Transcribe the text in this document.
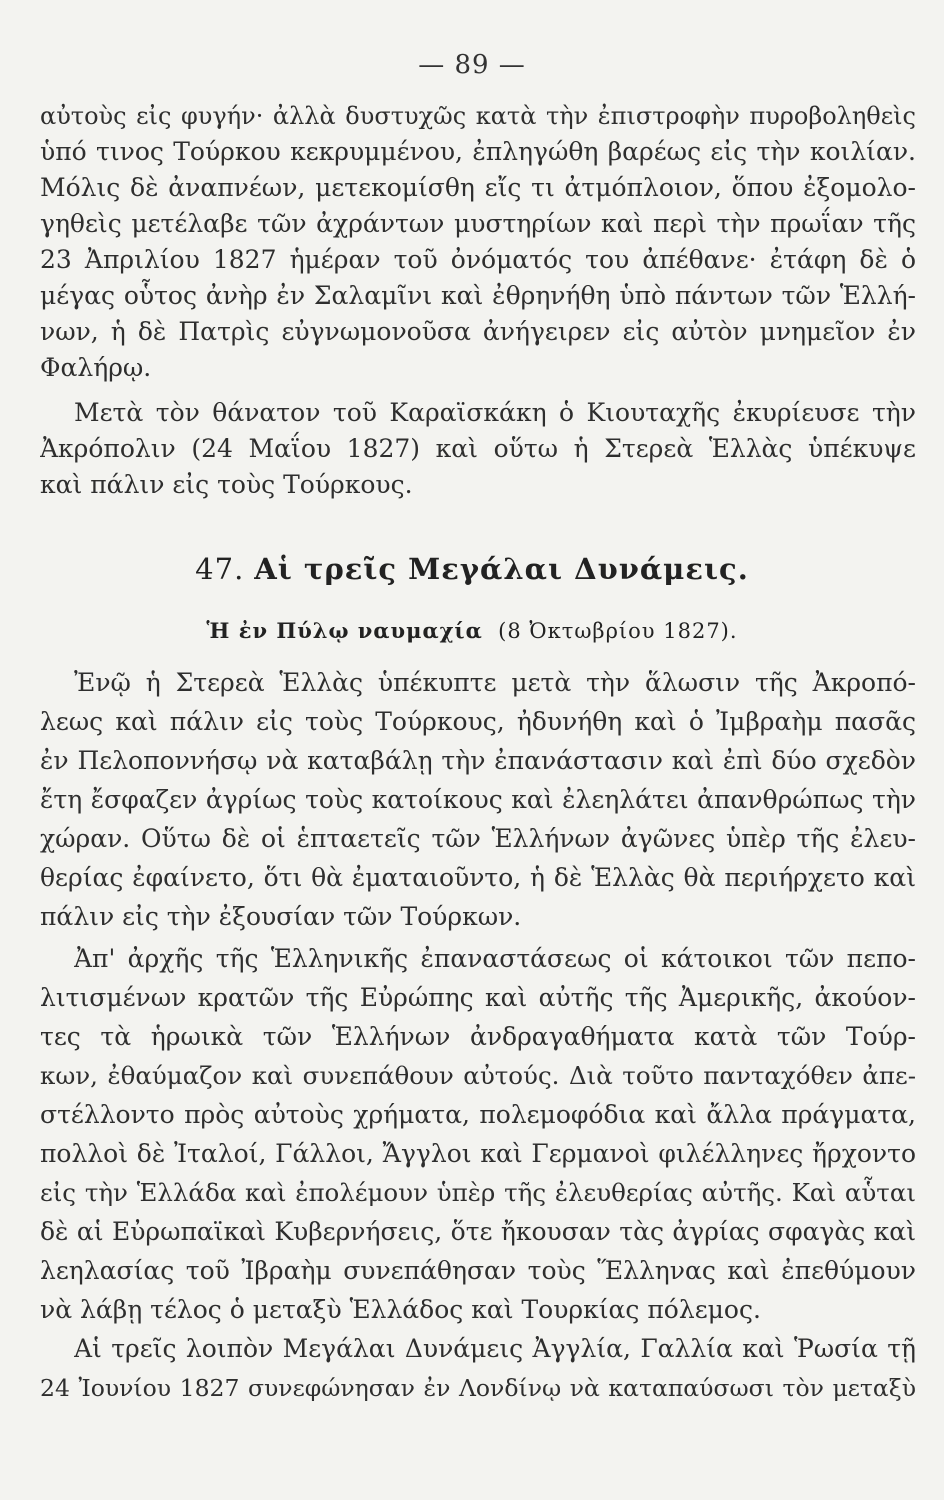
— 89 —
αὐτοὺς εἰς φυγήν· ἀλλὰ δυστυχῶς κατὰ τὴν ἐπιστροφὴν πυροβοληθεὶς
ὑπό τινος Τούρκου κεκρυμμένου, ἐπληγώθη βαρέως εἰς τὴν κοιλίαν.
Μόλις δὲ ἀναπνέων, μετεκομίσθη εἴς τι ἀτμόπλοιον, ὅπου ἐξομολο-
γηθεὶς μετέλαβε τῶν ἀχράντων μυστηρίων καὶ περὶ τὴν πρωΐαν τῆς
23 Ἀπριλίου 1827 ἡμέραν τοῦ ὀνόματός του ἀπέθανε· ἐτάφη δὲ ὁ
μέγας οὗτος ἀνὴρ ἐν Σαλαμῖνι καὶ ἐθρηνήθη ὑπὸ πάντων τῶν Ἑλλή-
νων, ἡ δὲ Πατρὶς εὐγνωμονοῦσα ἀνήγειρεν εἰς αὐτὸν μνημεῖον ἐν
Φαλήρῳ.
Μετὰ τὸν θάνατον τοῦ Καραϊσκάκη ὁ Κιουταχῆς ἐκυρίευσε τὴν
Ἀκρόπολιν (24 Μαΐου 1827) καὶ οὕτω ἡ Στερεὰ Ἑλλὰς ὑπέκυψε
καὶ πάλιν εἰς τοὺς Τούρκους.
47. Αἱ τρεῖς Μεγάλαι Δυνάμεις.
Ἡ ἐν Πύλῳ ναυμαχία (8 Ὀκτωβρίου 1827).
Ἐνῷ ἡ Στερεὰ Ἑλλὰς ὑπέκυπτε μετὰ τὴν ἅλωσιν τῆς Ἀκροπό-
λεως καὶ πάλιν εἰς τοὺς Τούρκους, ἠδυνήθη καὶ ὁ Ἰμβραὴμ πασᾶς
ἐν Πελοποννήσῳ νὰ καταβάλῃ τὴν ἐπανάστασιν καὶ ἐπὶ δύο σχεδὸν
ἔτη ἔσφαζεν ἀγρίως τοὺς κατοίκους καὶ ἐλεηλάτει ἀπανθρώπως τὴν
χώραν. Οὕτω δὲ οἱ ἑπταετεῖς τῶν Ἑλλήνων ἀγῶνες ὑπὲρ τῆς ἐλευ-
θερίας ἐφαίνετο, ὅτι θὰ ἐματαιοῦντο, ἡ δὲ Ἑλλὰς θὰ περιήρχετο καὶ
πάλιν εἰς τὴν ἐξουσίαν τῶν Τούρκων.
Ἀπ' ἀρχῆς τῆς Ἑλληνικῆς ἐπαναστάσεως οἱ κάτοικοι τῶν πεπο-
λιτισμένων κρατῶν τῆς Εὐρώπης καὶ αὐτῆς τῆς Ἀμερικῆς, ἀκούον-
τες τὰ ἡρωικὰ τῶν Ἑλλήνων ἀνδραγαθήματα κατὰ τῶν Τούρ-
κων, ἐθαύμαζον καὶ συνεπάθουν αὐτούς. Διὰ τοῦτο πανταχόθεν ἀπε-
στέλλοντο πρὸς αὐτοὺς χρήματα, πολεμοφόδια καὶ ἄλλα πράγματα,
πολλοὶ δὲ Ἰταλοί, Γάλλοι, Ἄγγλοι καὶ Γερμανοὶ φιλέλληνες ἤρχοντο
εἰς τὴν Ἑλλάδα καὶ ἐπολέμουν ὑπὲρ τῆς ἐλευθερίας αὐτῆς. Καὶ αὗται
δὲ αἱ Εὐρωπαϊκαὶ Κυβερνήσεις, ὅτε ἤκουσαν τὰς ἀγρίας σφαγὰς καὶ
λεηλασίας τοῦ Ἰβραὴμ συνεπάθησαν τοὺς Ἕλληνας καὶ ἐπεθύμουν
νὰ λάβῃ τέλος ὁ μεταξὺ Ἑλλάδος καὶ Τουρκίας πόλεμος.
Αἱ τρεῖς λοιπὸν Μεγάλαι Δυνάμεις Ἀγγλία, Γαλλία καὶ Ῥωσία τῇ
24 Ἰουνίου 1827 συνεφώνησαν ἐν Λονδίνῳ νὰ καταπαύσωσι τὸν μεταξὺ
